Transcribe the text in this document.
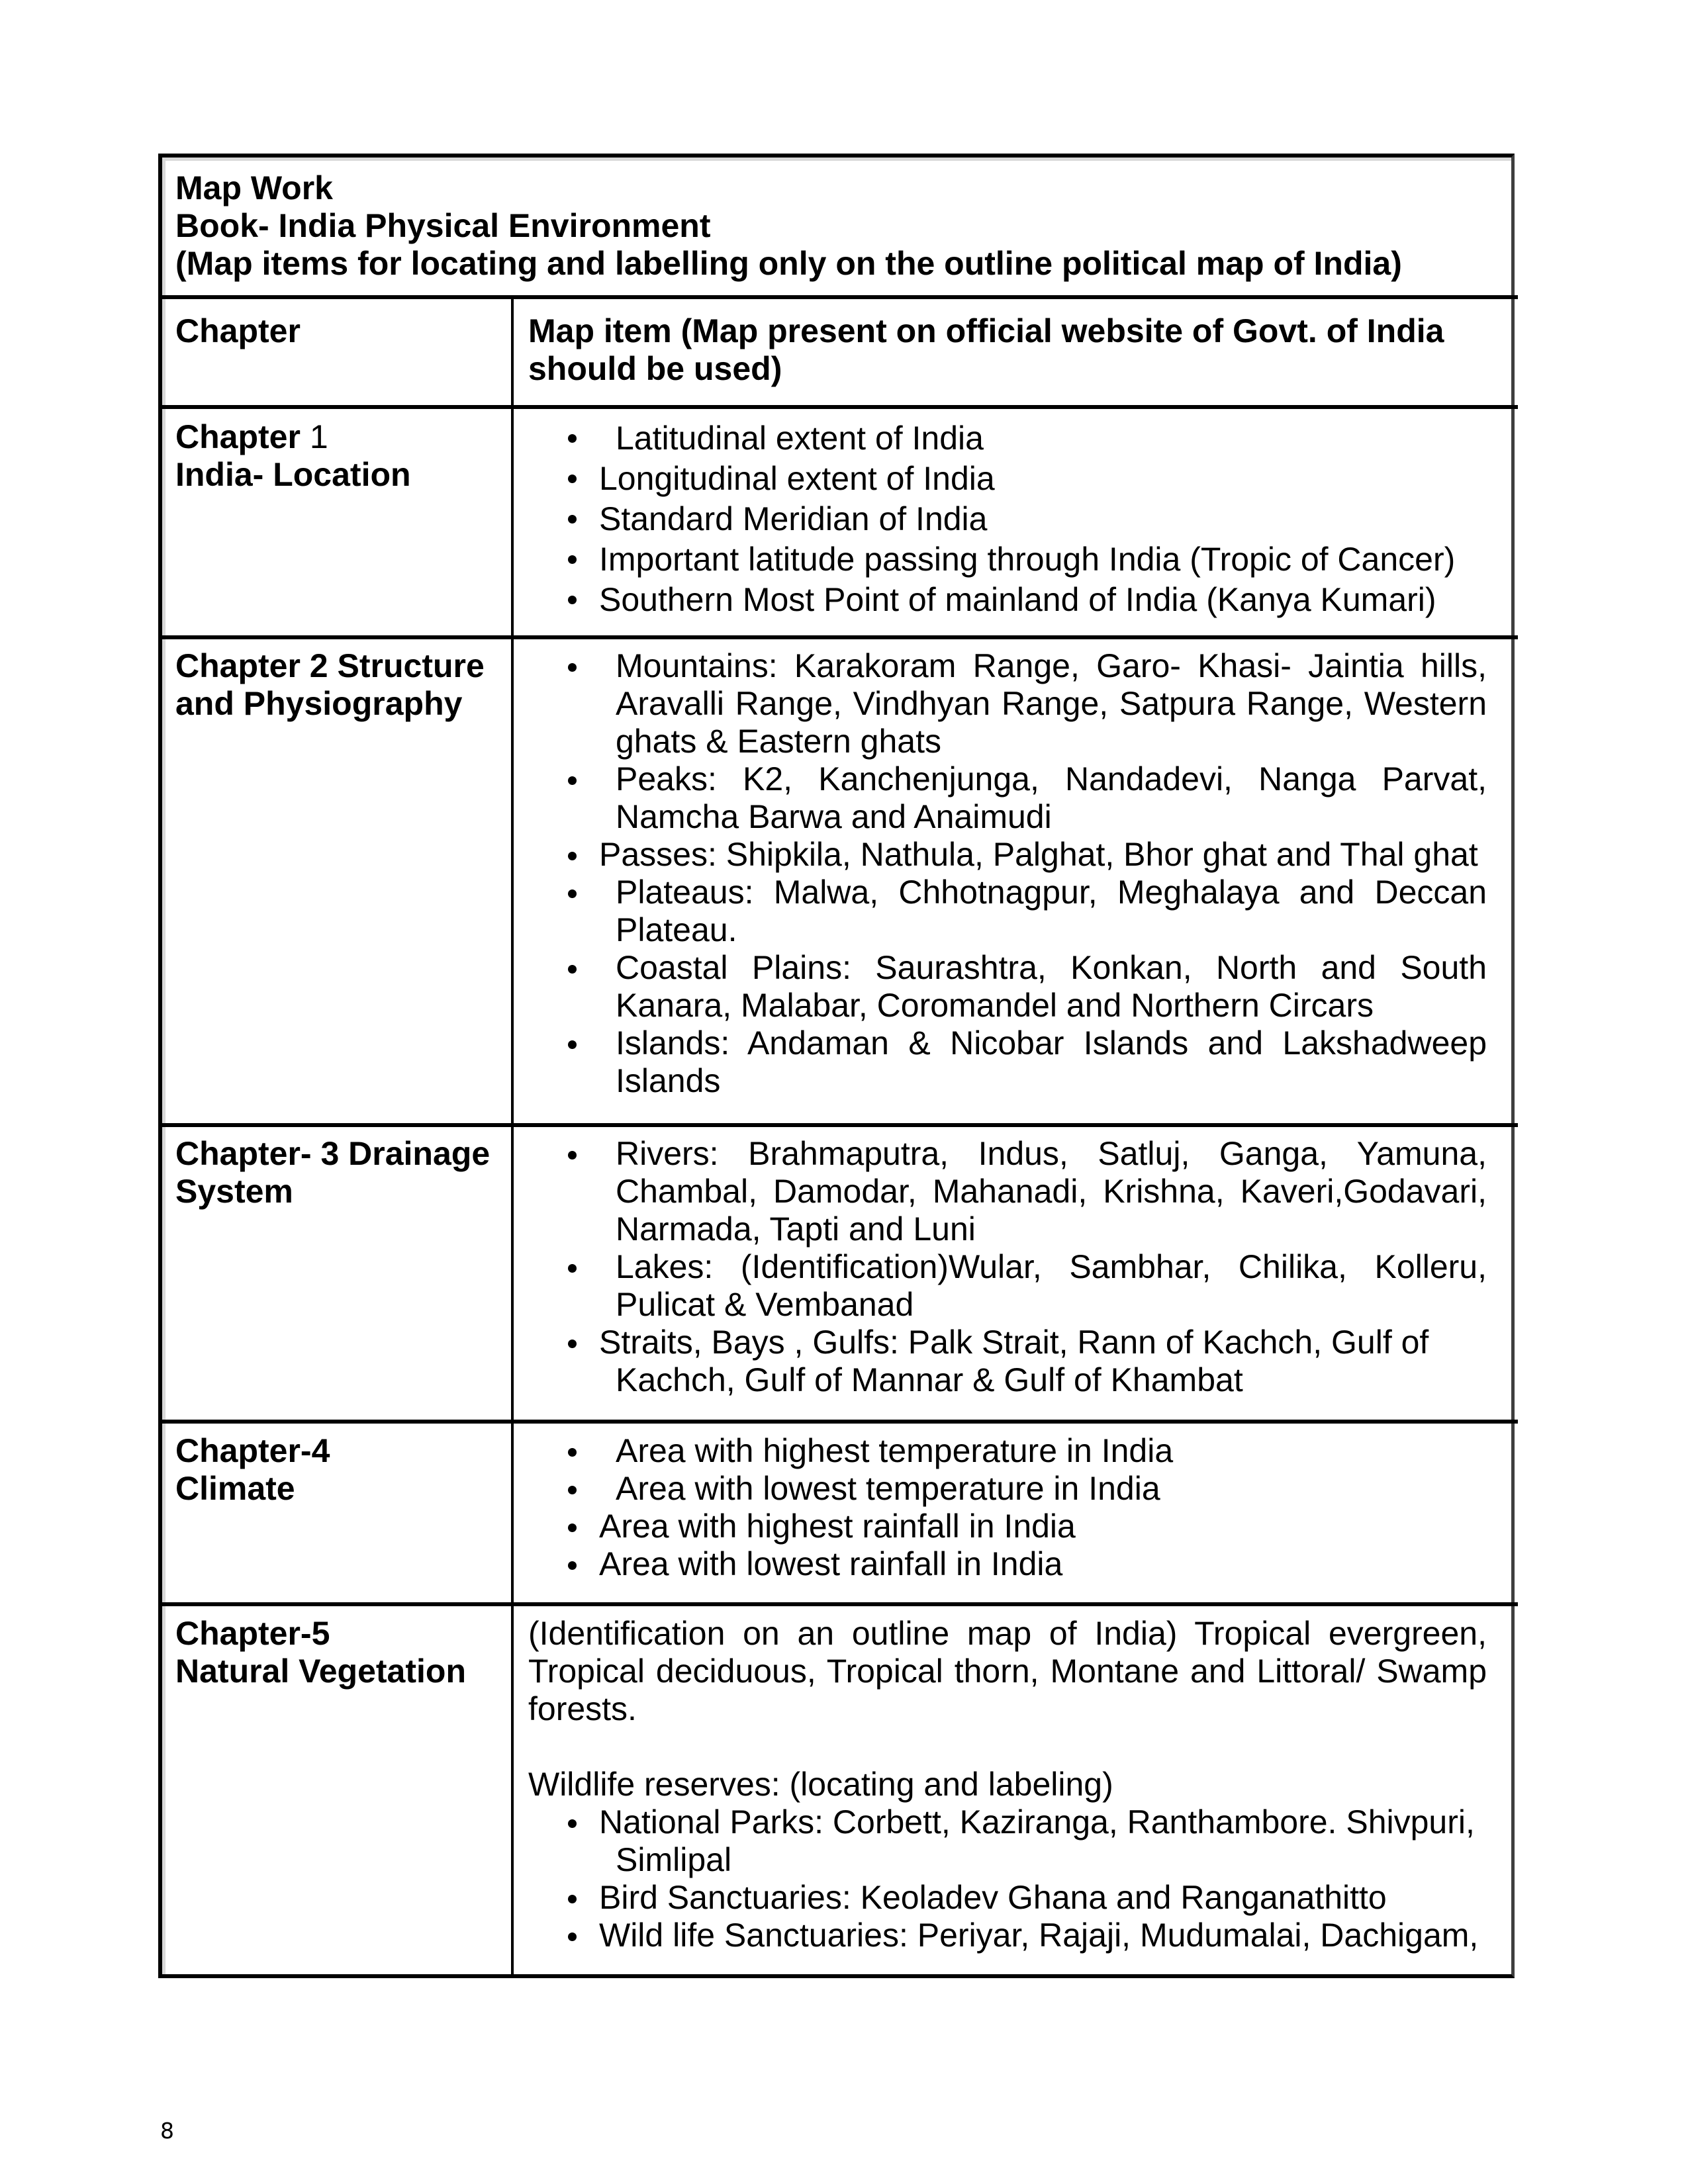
Map Work
Book- India Physical Environment
(Map items for locating and labelling only on the outline political map of India)
Chapter	Map item (Map present on official website of Govt. of India should be used)
Chapter 1
India- Location
Latitudinal extent of India
Longitudinal extent of India
Standard Meridian of India
Important latitude passing through India (Tropic of Cancer)
Southern Most Point of mainland of India (Kanya Kumari)
Chapter 2 Structure and Physiography
Mountains: Karakoram Range, Garo- Khasi- Jaintia hills, Aravalli Range, Vindhyan Range, Satpura Range, Western ghats & Eastern ghats
Peaks: K2, Kanchenjunga, Nandadevi, Nanga Parvat, Namcha Barwa and Anaimudi
Passes: Shipkila, Nathula, Palghat, Bhor ghat and Thal ghat
Plateaus: Malwa, Chhotnagpur, Meghalaya and Deccan Plateau.
Coastal Plains: Saurashtra, Konkan, North and South Kanara, Malabar, Coromandel and Northern Circars
Islands: Andaman & Nicobar Islands and Lakshadweep Islands
Chapter- 3 Drainage System
Rivers: Brahmaputra, Indus, Satluj, Ganga, Yamuna, Chambal, Damodar, Mahanadi, Krishna, Kaveri,Godavari, Narmada, Tapti and Luni
Lakes: (Identification)Wular, Sambhar, Chilika, Kolleru, Pulicat & Vembanad
Straits, Bays , Gulfs: Palk Strait, Rann of Kachch, Gulf of
Kachch, Gulf of Mannar & Gulf of Khambat
Chapter-4
Climate
Area with highest temperature in India
Area with lowest temperature in India
Area with highest rainfall in India
Area with lowest rainfall in India
Chapter-5
Natural Vegetation
(Identification on an outline map of India) Tropical evergreen, Tropical deciduous, Tropical thorn, Montane and Littoral/ Swamp forests.
Wildlife reserves: (locating and labeling)
National Parks: Corbett, Kaziranga, Ranthambore. Shivpuri,
Simlipal
Bird Sanctuaries: Keoladev Ghana and Ranganathitto
Wild life Sanctuaries: Periyar, Rajaji, Mudumalai, Dachigam,
8
